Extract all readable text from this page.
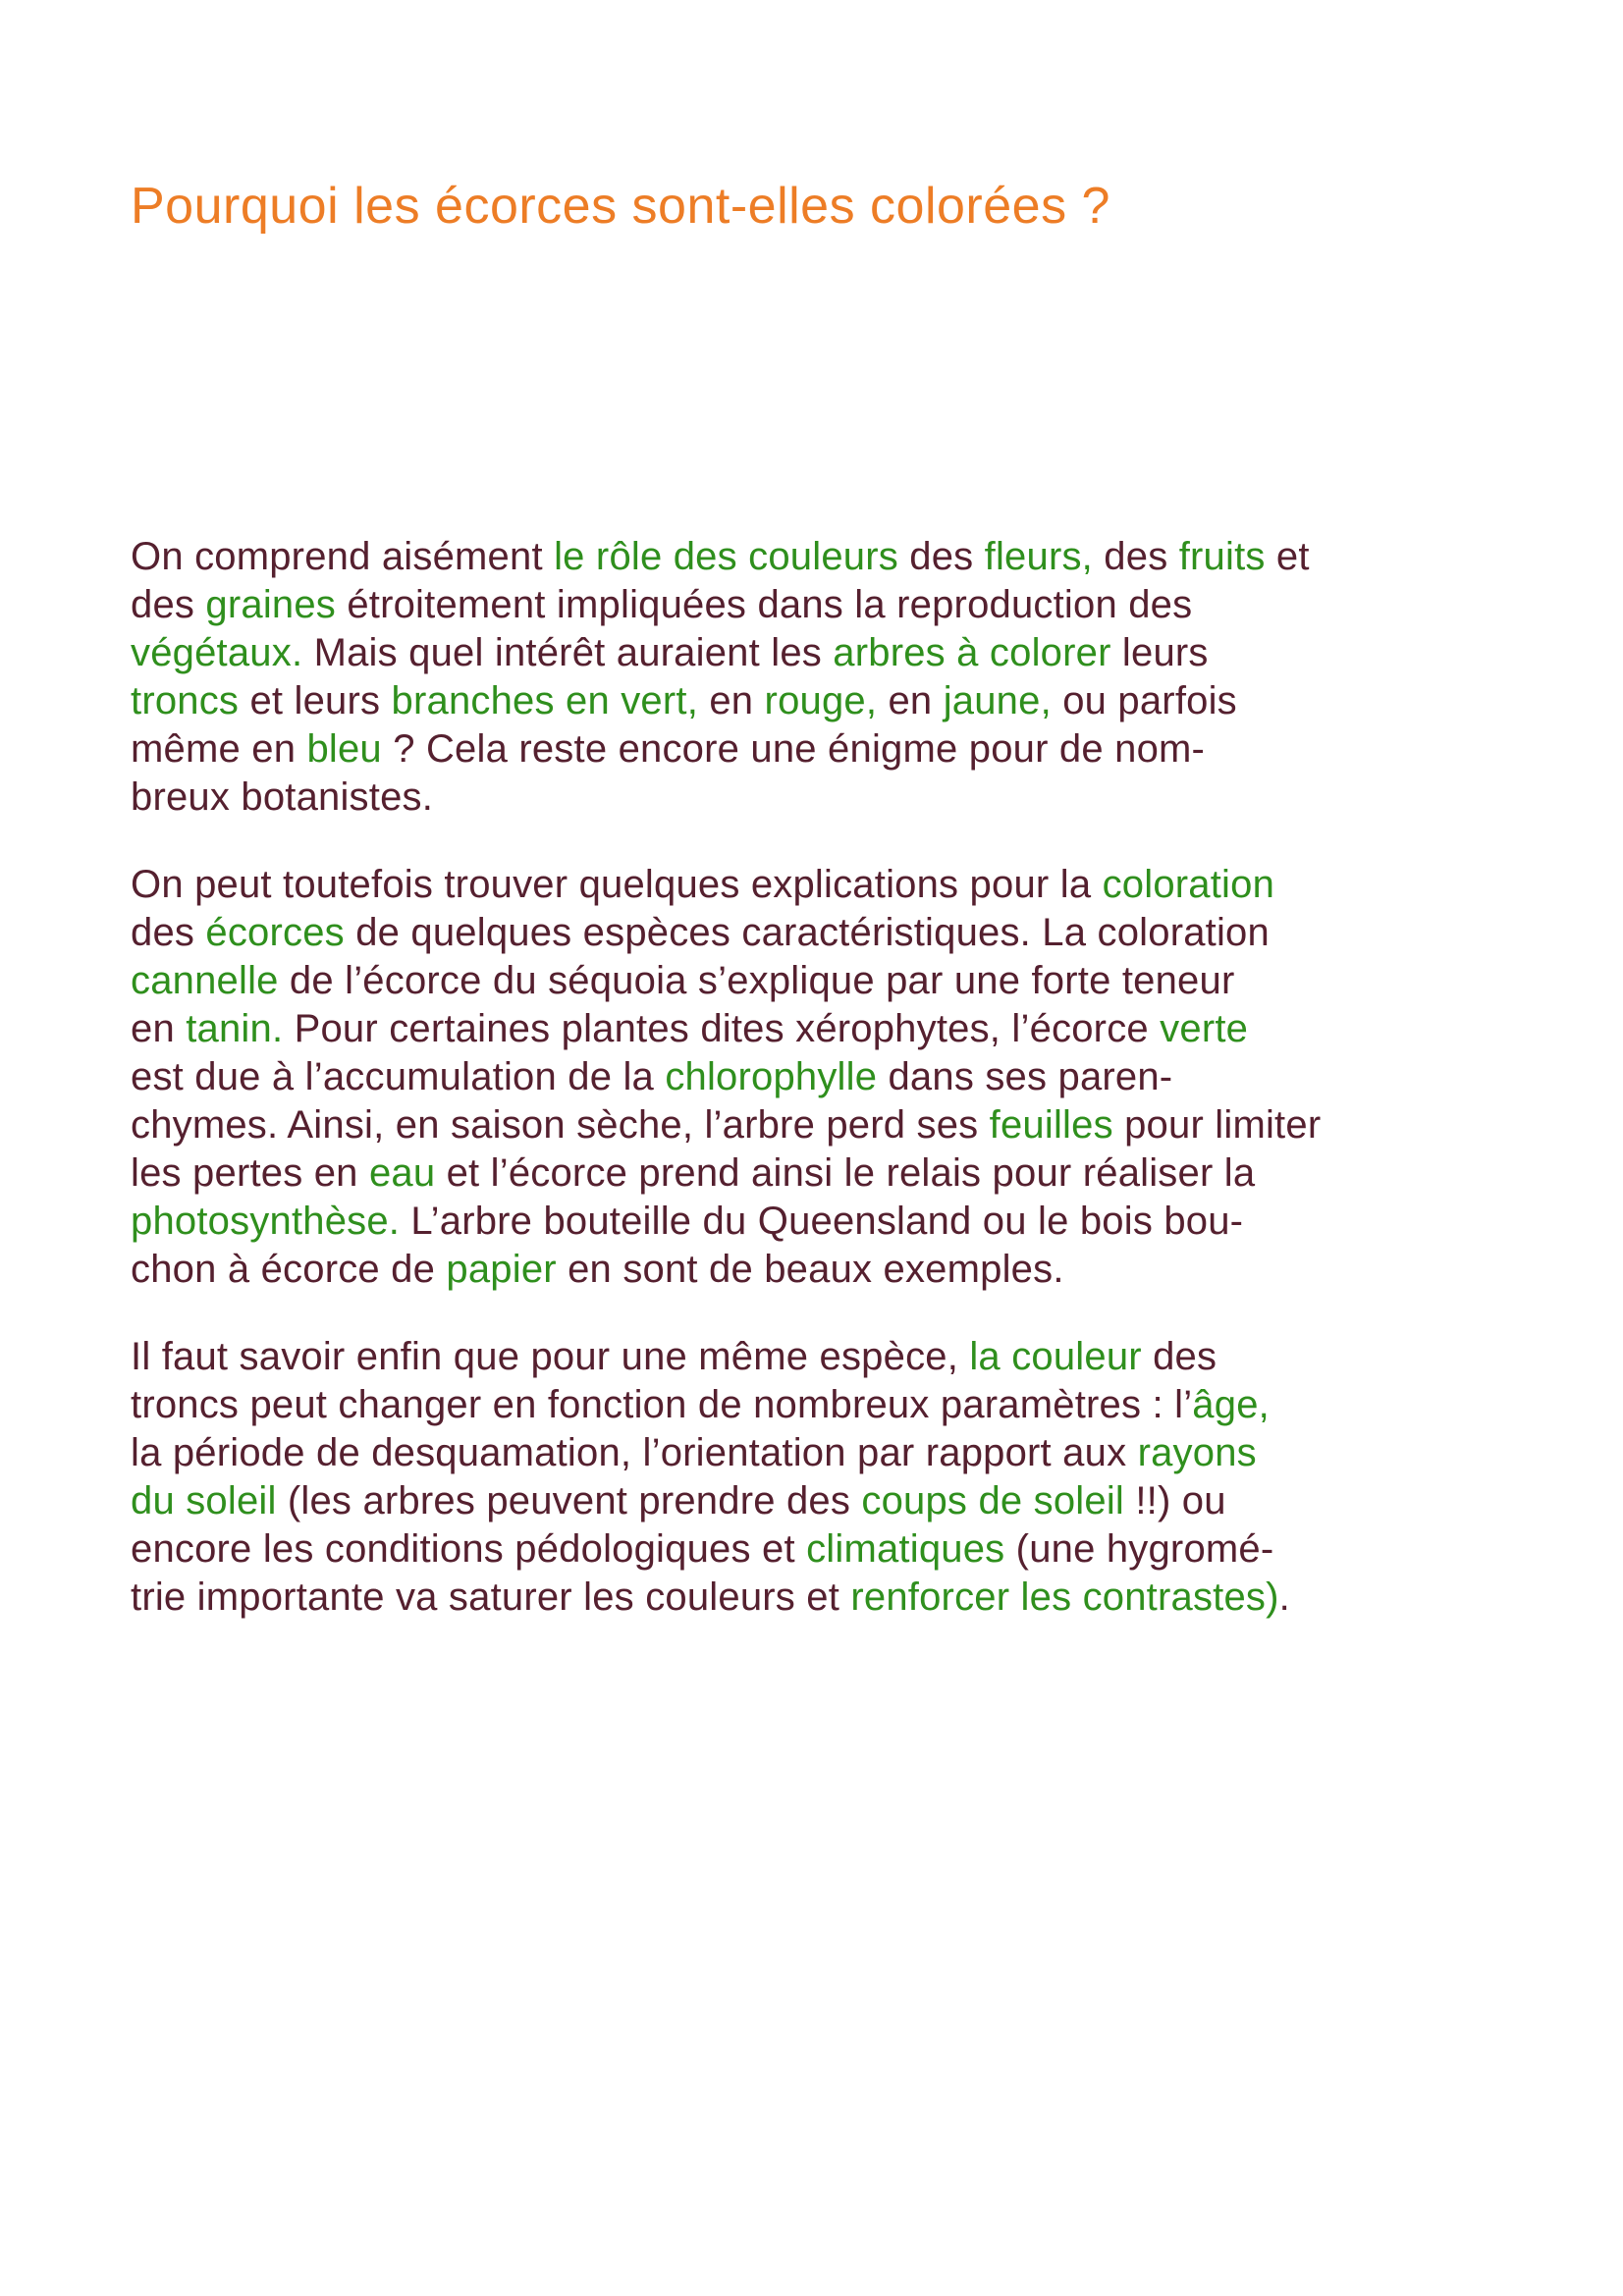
Pourquoi les écorces sont-elles colorées ?
On comprend aisément le rôle des couleurs des fleurs, des fruits et
des graines étroitement impliquées dans la reproduction des
végétaux. Mais quel intérêt auraient les arbres à colorer leurs
troncs et leurs branches en vert, en rouge, en jaune, ou parfois
même en bleu ? Cela reste encore une énigme pour de nom-
breux botanistes.
On peut toutefois trouver quelques explications pour la coloration
des écorces de quelques espèces caractéristiques. La coloration
cannelle de l’écorce du séquoia s’explique par une forte teneur
en tanin. Pour certaines plantes dites xérophytes, l’écorce verte
est due à l’accumulation de la chlorophylle dans ses paren-
chymes. Ainsi, en saison sèche, l’arbre perd ses feuilles pour limiter
les pertes en eau et l’écorce prend ainsi le relais pour réaliser la
photosynthèse. L’arbre bouteille du Queensland ou le bois bou-
chon à écorce de papier en sont de beaux exemples.
Il faut savoir enfin que pour une même espèce, la couleur des
troncs peut changer en fonction de nombreux paramètres : l’âge,
la période de desquamation, l’orientation par rapport aux rayons
du soleil (les arbres peuvent prendre des coups de soleil !!) ou
encore les conditions pédologiques et climatiques (une hygromé-
trie importante va saturer les couleurs et renforcer les contrastes).
